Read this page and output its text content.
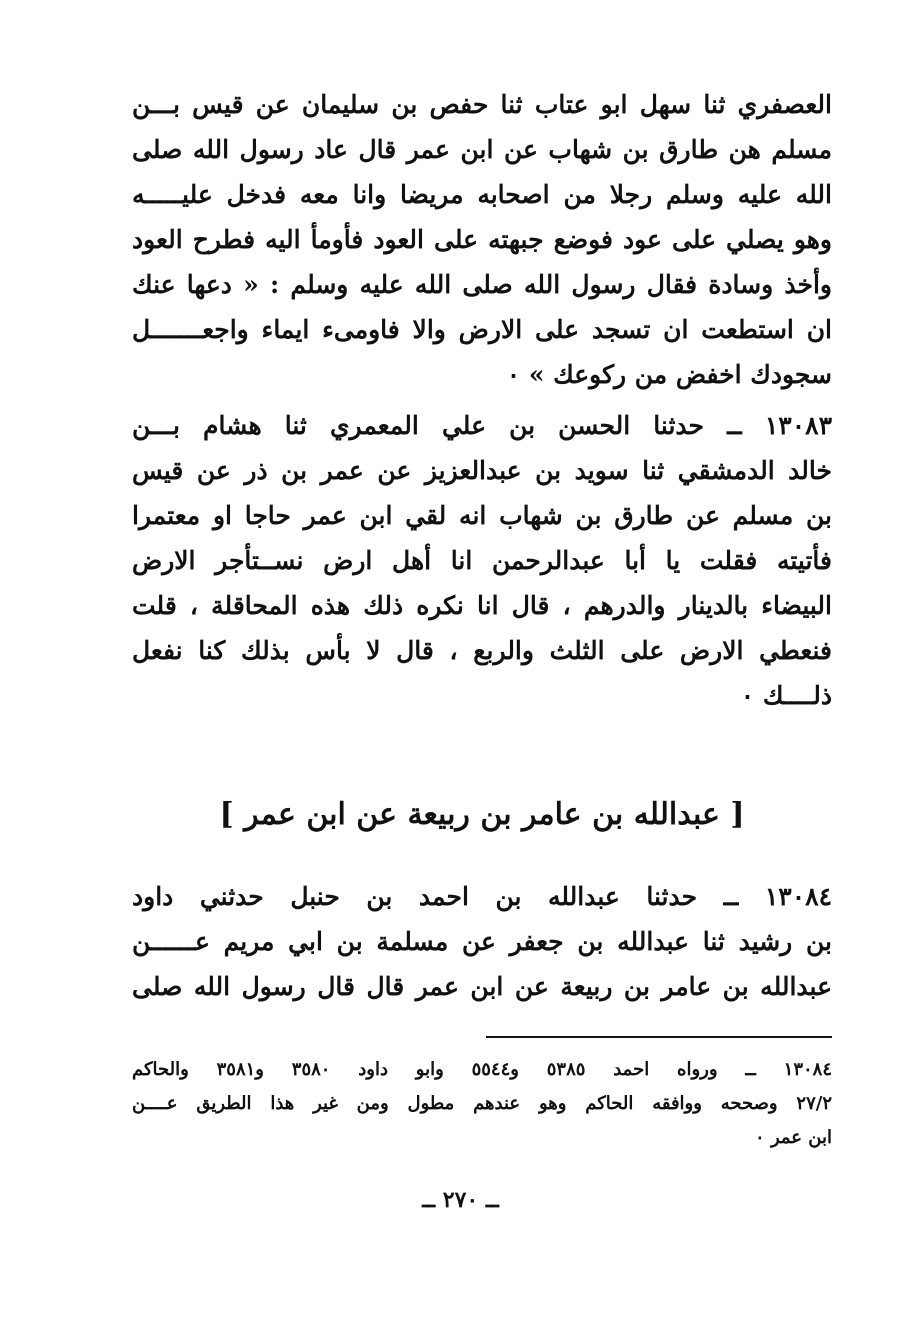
العصفري ثنا سهل ابو عتاب ثنا حفص بن سليمان عن قيس بـــن
مسلم هن طارق بن شهاب عن ابن عمر قال عاد رسول الله صلى
الله عليه وسلم رجلا من اصحابه مريضا وانا معه فدخل عليـــــه
وهو يصلي على عود فوضع جبهته على العود فأومأ اليه فطرح العود
وأخذ وسادة فقال رسول الله صلى الله عليه وسلم : « دعها عنك
ان استطعت ان تسجد على الارض والا فاومىء ايماء واجعـــــــل
سجودك اخفض من ركوعك » ٠
١٣٠٨٣ ــ حدثنا الحسن بن علي المعمري ثنا هشام بـــن
خالد الدمشقي ثنا سويد بن عبدالعزيز عن عمر بن ذر عن قيس
بن مسلم عن طارق بن شهاب انه لقي ابن عمر حاجا او معتمرا
فأتيته فقلت يا أبا عبدالرحمن انا أهل ارض نســتأجر الارض
البيضاء بالدينار والدرهم ، قال انا نكره ذلك هذه المحاقلة ، قلت
فنعطي الارض على الثلث والربع ، قال لا بأس بذلك كنا نفعل
ذلــــك ٠
[ عبدالله بن عامر بن ربيعة عن ابن عمر ]
١٣٠٨٤ ــ حدثنا عبدالله بن احمد بن حنبل حدثني داود
بن رشيد ثنا عبدالله بن جعفر عن مسلمة بن ابي مريم عــــــن
عبدالله بن عامر بن ربيعة عن ابن عمر قال قال رسول الله صلى
١٣٠٨٤ ــ ورواه احمد ٥٣٨٥ و٥٥٤٤ وابو داود ٣٥٨٠ و٣٥٨١ والحاكم
٢٧/٢ وصححه ووافقه الحاكم وهو عندهم مطول ومن غير هذا الطريق عــــن
ابن عمر ٠
ــ ٢٧٠ ــ
